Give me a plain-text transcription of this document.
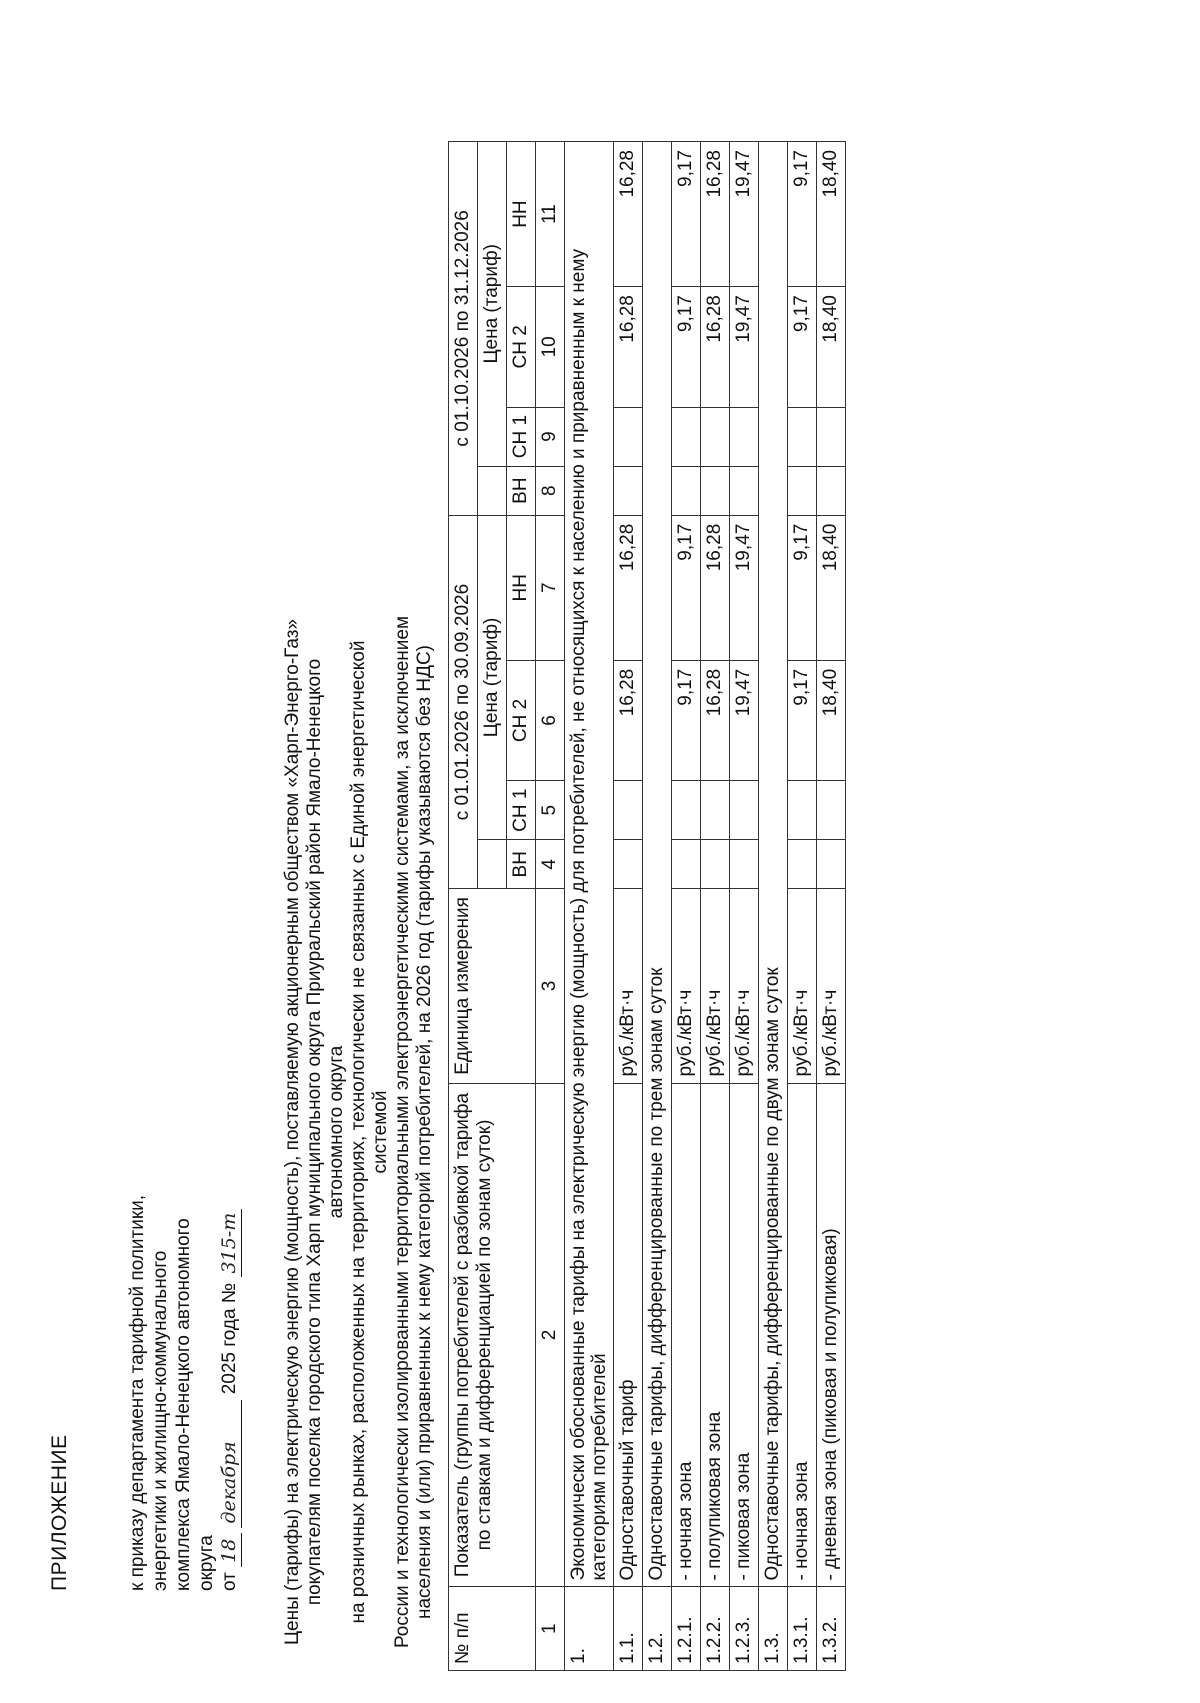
ПРИЛОЖЕНИЕ	к приказу департамента тарифной политики, энергетики и жилищно-коммунального комплекса Ямало-Ненецкого автономного округа от 18 декабря 2025 года № 315-т Цены (тарифы) на электрическую энергию (мощность), поставляемую акционерным обществом «Харп-Энерго-Газ» покупателям поселка городского типа Харп муниципального округа Приуральский район Ямало-Ненецкого автономного округа на розничных рынках, расположенных на территориях, технологически не связанных с Единой энергетической системой России и технологически изолированными территориальными электроэнергетическими системами, за исключением населения и (или) приравненных к нему категорий потребителей, на 2026 год (тарифы указываются без НДС)
№ п/п	Показатель (группы потребителей с разбивкой тарифа по ставкам и дифференциацией по зонам суток)	Единица измерения	с 01.01.2026 по 30.09.2026				с 01.10.2026 по 31.12.2026			

				Цена (тариф)				Цена (тариф)		
			ВН	СН 1	СН 2	НН	ВН	СН 1	СН 2	НН
1	2	3	4	5	6	7	8	9	10	11
1.	Экономически обоснованные тарифы на электрическую энергию (мощность) для потребителей, не относящихся к населению и приравненным к нему категориям потребителей									
1.1.	Одноставочный тариф	руб./кВт·ч			16,28	16,28			16,28	16,28
1.2.	Одноставочные тарифы, дифференцированные по трем зонам суток									
1.2.1.	- ночная зона	руб./кВт·ч			9,17	9,17			9,17	9,17
1.2.2.	- полупиковая зона	руб./кВт·ч			16,28	16,28			16,28	16,28
1.2.3.	- пиковая зона	руб./кВт·ч			19,47	19,47			19,47	19,47
1.3.	Одноставочные тарифы, дифференцированные по двум зонам суток									
1.3.1.	- ночная зона	руб./кВт·ч			9,17	9,17			9,17	9,17
1.3.2.	- дневная зона (пиковая и полупиковая)	руб./кВт·ч			18,40	18,40			18,40	18,40
